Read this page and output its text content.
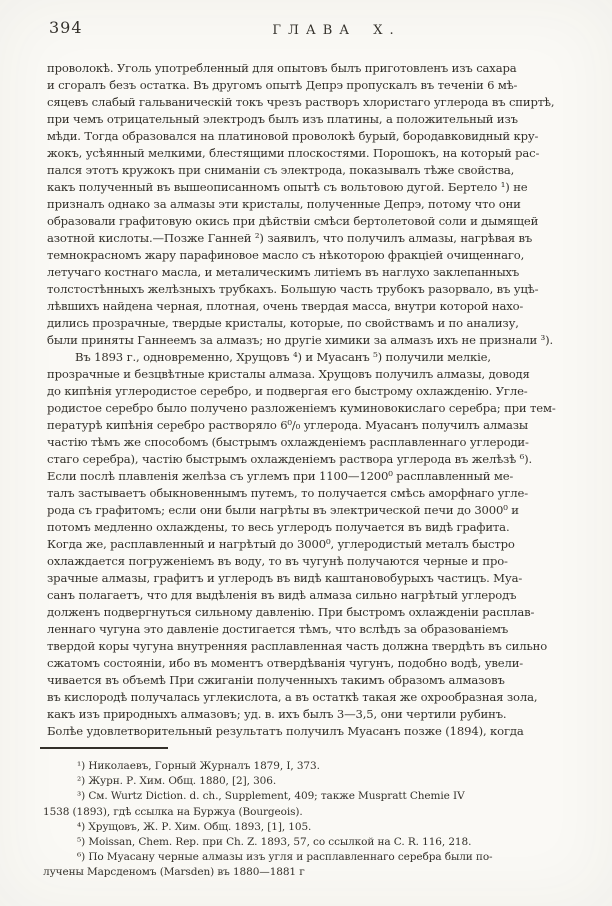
394	ГЛАВА X.
проволокѣ. Уголь употребленный для опытовъ былъ приготовленъ изъ сахара
и сгоралъ безъ остатка. Въ другомъ опытѣ Депрэ пропускалъ въ теченіи 6 мѣ-
сяцевъ слабый гальваническій токъ чрезъ растворъ хлористаго углерода въ спиртѣ,
при чемъ отрицательный электродъ былъ изъ платины, а положительный изъ
мѣди. Тогда образовался на платиновой проволокѣ бурый, бородавковидный кру-
жокъ, усѣянный мелкими, блестящими плоскостями. Порошокъ, на который рас-
пался этотъ кружокъ при сниманіи съ электрода, показывалъ тѣже свойства,
какъ полученный въ вышеописанномъ опытѣ съ вольтовою дугой. Бертело ¹) не
призналъ однако за алмазы эти кристалы, полученные Депрэ, потому что они
образовали графитовую окись при дѣйствіи смѣси бертолетовой соли и дымящей
азотной кислоты.—Позже Ганней ²) заявилъ, что получилъ алмазы, нагрѣвая въ
темнокрасномъ жару парафиновое масло съ нѣкоторою фракціей очищеннаго,
летучаго костнаго масла, и металическимъ литіемъ въ наглухо заклепанныхъ
толстостѣнныхъ желѣзныхъ трубкахъ. Большую часть трубокъ разорвало, въ уцѣ-
лѣвшихъ найдена черная, плотная, очень твердая масса, внутри которой нахо-
дились прозрачные, твердые кристалы, которые, по свойствамъ и по анализу,
были приняты Ганнеемъ за алмазъ; но другіе химики за алмазъ ихъ не признали ³).
Въ 1893 г., одновременно, Хрущовъ ⁴) и Муасанъ ⁵) получили мелкіе,
прозрачные и безцвѣтные кристалы алмаза. Хрущовъ получилъ алмазы, доводя
до кипѣнія углеродистое серебро, и подвергая его быстрому охлажденію. Угле-
родистое серебро было получено разложеніемъ куминовокислаго серебра; при тем-
пературѣ кипѣнія серебро растворяло 6⁰/₀ углерода. Муасанъ получилъ алмазы
частію тѣмъ же способомъ (быстрымъ охлажденіемъ расплавленнаго углероди-
стаго серебра), частію быстрымъ охлажденіемъ раствора углерода въ желѣзѣ ⁶).
Если послѣ плавленія желѣза съ углемъ при 1100—1200⁰ расплавленный ме-
талъ застываетъ обыкновеннымъ путемъ, то получается смѣсь аморфнаго угле-
рода съ графитомъ; если они были нагрѣты въ электрической печи до 3000⁰ и
потомъ медленно охлаждены, то весь углеродъ получается въ видѣ графита.
Когда же, расплавленный и нагрѣтый до 3000⁰, углеродистый металъ быстро
охлаждается погруженіемъ въ воду, то въ чугунѣ получаются черные и про-
зрачные алмазы, графитъ и углеродъ въ видѣ каштановобурыхъ частицъ. Муа-
санъ полагаетъ, что для выдѣленія въ видѣ алмаза сильно нагрѣтый углеродъ
долженъ подвергнуться сильному давленію. При быстромъ охлажденіи расплав-
леннаго чугуна это давленіе достигается тѣмъ, что вслѣдъ за образованіемъ
твердой коры чугуна внутренняя расплавленная часть должна твердѣть въ сильно
сжатомъ состояніи, ибо въ моментъ отвердѣванія чугунъ, подобно водѣ, увели-
чивается въ объемѣ При сжиганіи полученныхъ такимъ образомъ алмазовъ
въ кислородѣ получалась углекислота, а въ остаткѣ такая же охрообразная зола,
какъ изъ природныхъ алмазовъ; уд. в. ихъ былъ 3—3,5, они чертили рубинъ.
Болѣе удовлетворительный результатъ получилъ Муасанъ позже (1894), когда
¹) Николаевъ, Горный Журналъ 1879, I, 373.
²) Журн. Р. Хим. Общ. 1880, [2], 306.
³) См. Wurtz Diction. d. ch., Supplement, 409; также Muspratt Chemie IV
1538 (1893), гдѣ ссылка на Буржуа (Bourgeois).
⁴) Хрущовъ, Ж. Р. Хим. Общ. 1893, [1], 105.
⁵) Moissan, Chem. Rep. при Ch. Z. 1893, 57, со ссылкой на C. R. 116, 218.
⁶) По Муасану черные алмазы изъ угля и расплавленнаго серебра были по-
лучены Марсденомъ (Marsden) въ 1880—1881 г
